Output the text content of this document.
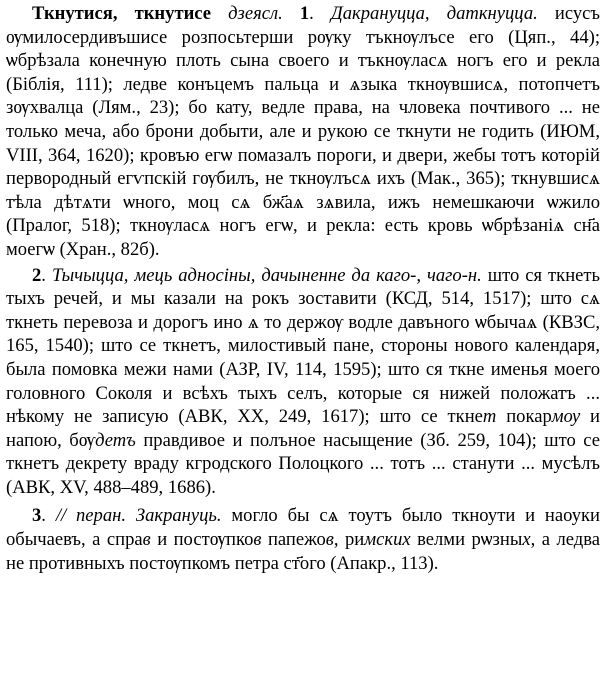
Ткнутися, ткнутисе дзеясл. 1. Дакрануцца, даткнуцца. исусъ ѹмилосердивъшисе розпосьтерши рѹку тъкнѹлъсе его (Цяп., 44); ѡбрѣзала конечную плоть сына своего и тъкнѹласѧ ногъ его и рекла (Біблія, 111); ледве конъцемъ пальца и ѧзыка ткнѹвшисѧ, потопчетъ зѹхвалца (Лям., 23); бо кату, ведле права, на чловека почтивого ... не только меча, або брони добыти, але и рукою се ткнути не годить (ИЮМ, VIII, 364, 1620); кровъю егѡ помазалъ пороги, и двери, жебы тотъ которій первородный егѵпскій гѹбилъ, не ткнѹлъсѧ ихъ (Мак., 365); ткнувшисѧ тѣла дѣтѧти ѡного, моц сѧ бж҃аѧ зѧвила, ижъ немешкаючи ѡжило (Пралог, 518); ткнѹласѧ ногъ егѡ, и рекла: есть кровь ѡбрѣзаніѧ сн҃а моегѡ (Хран., 82б).

2. Тычыцца, мець адносіны, дачыненне да каго-, чаго-н. што ся ткнеть тыхъ речей, и мы казали на рокъ зоставити (КСД, 514, 1517); што сѧ ткнеть перевоза и дорогъ ино ѧ то держѹ водле давъного ѡбычаѧ (КВЗС, 165, 1540); што се ткнетъ, милостивый пане, стороны нового календаря, была помовка межи нами (АЗР, IV, 114, 1595); што ся ткне именья моего головного Соколя и всѣхъ тыхъ селъ, которые ся нижей положатъ ... нѣкому не записую (АВК, XX, 249, 1617); што се ткнет покармѹ и напою, бѹдетъ правдивое и полъное насыщение (Зб. 259, 104); што се ткнетъ декрету враду кгродского Полоцкого ... тотъ ... станути ... мусѣлъ (АВК, XV, 488–489, 1686).

3. // перан. Закрануць. могло бы сѧ тоутъ было ткноути и наоуки обычаевъ, а справ и постѹпков папежов, римских велми рѡзных, а ледва не противныхъ постѹпкомъ петра ст҃ого (Апакр., 113).
